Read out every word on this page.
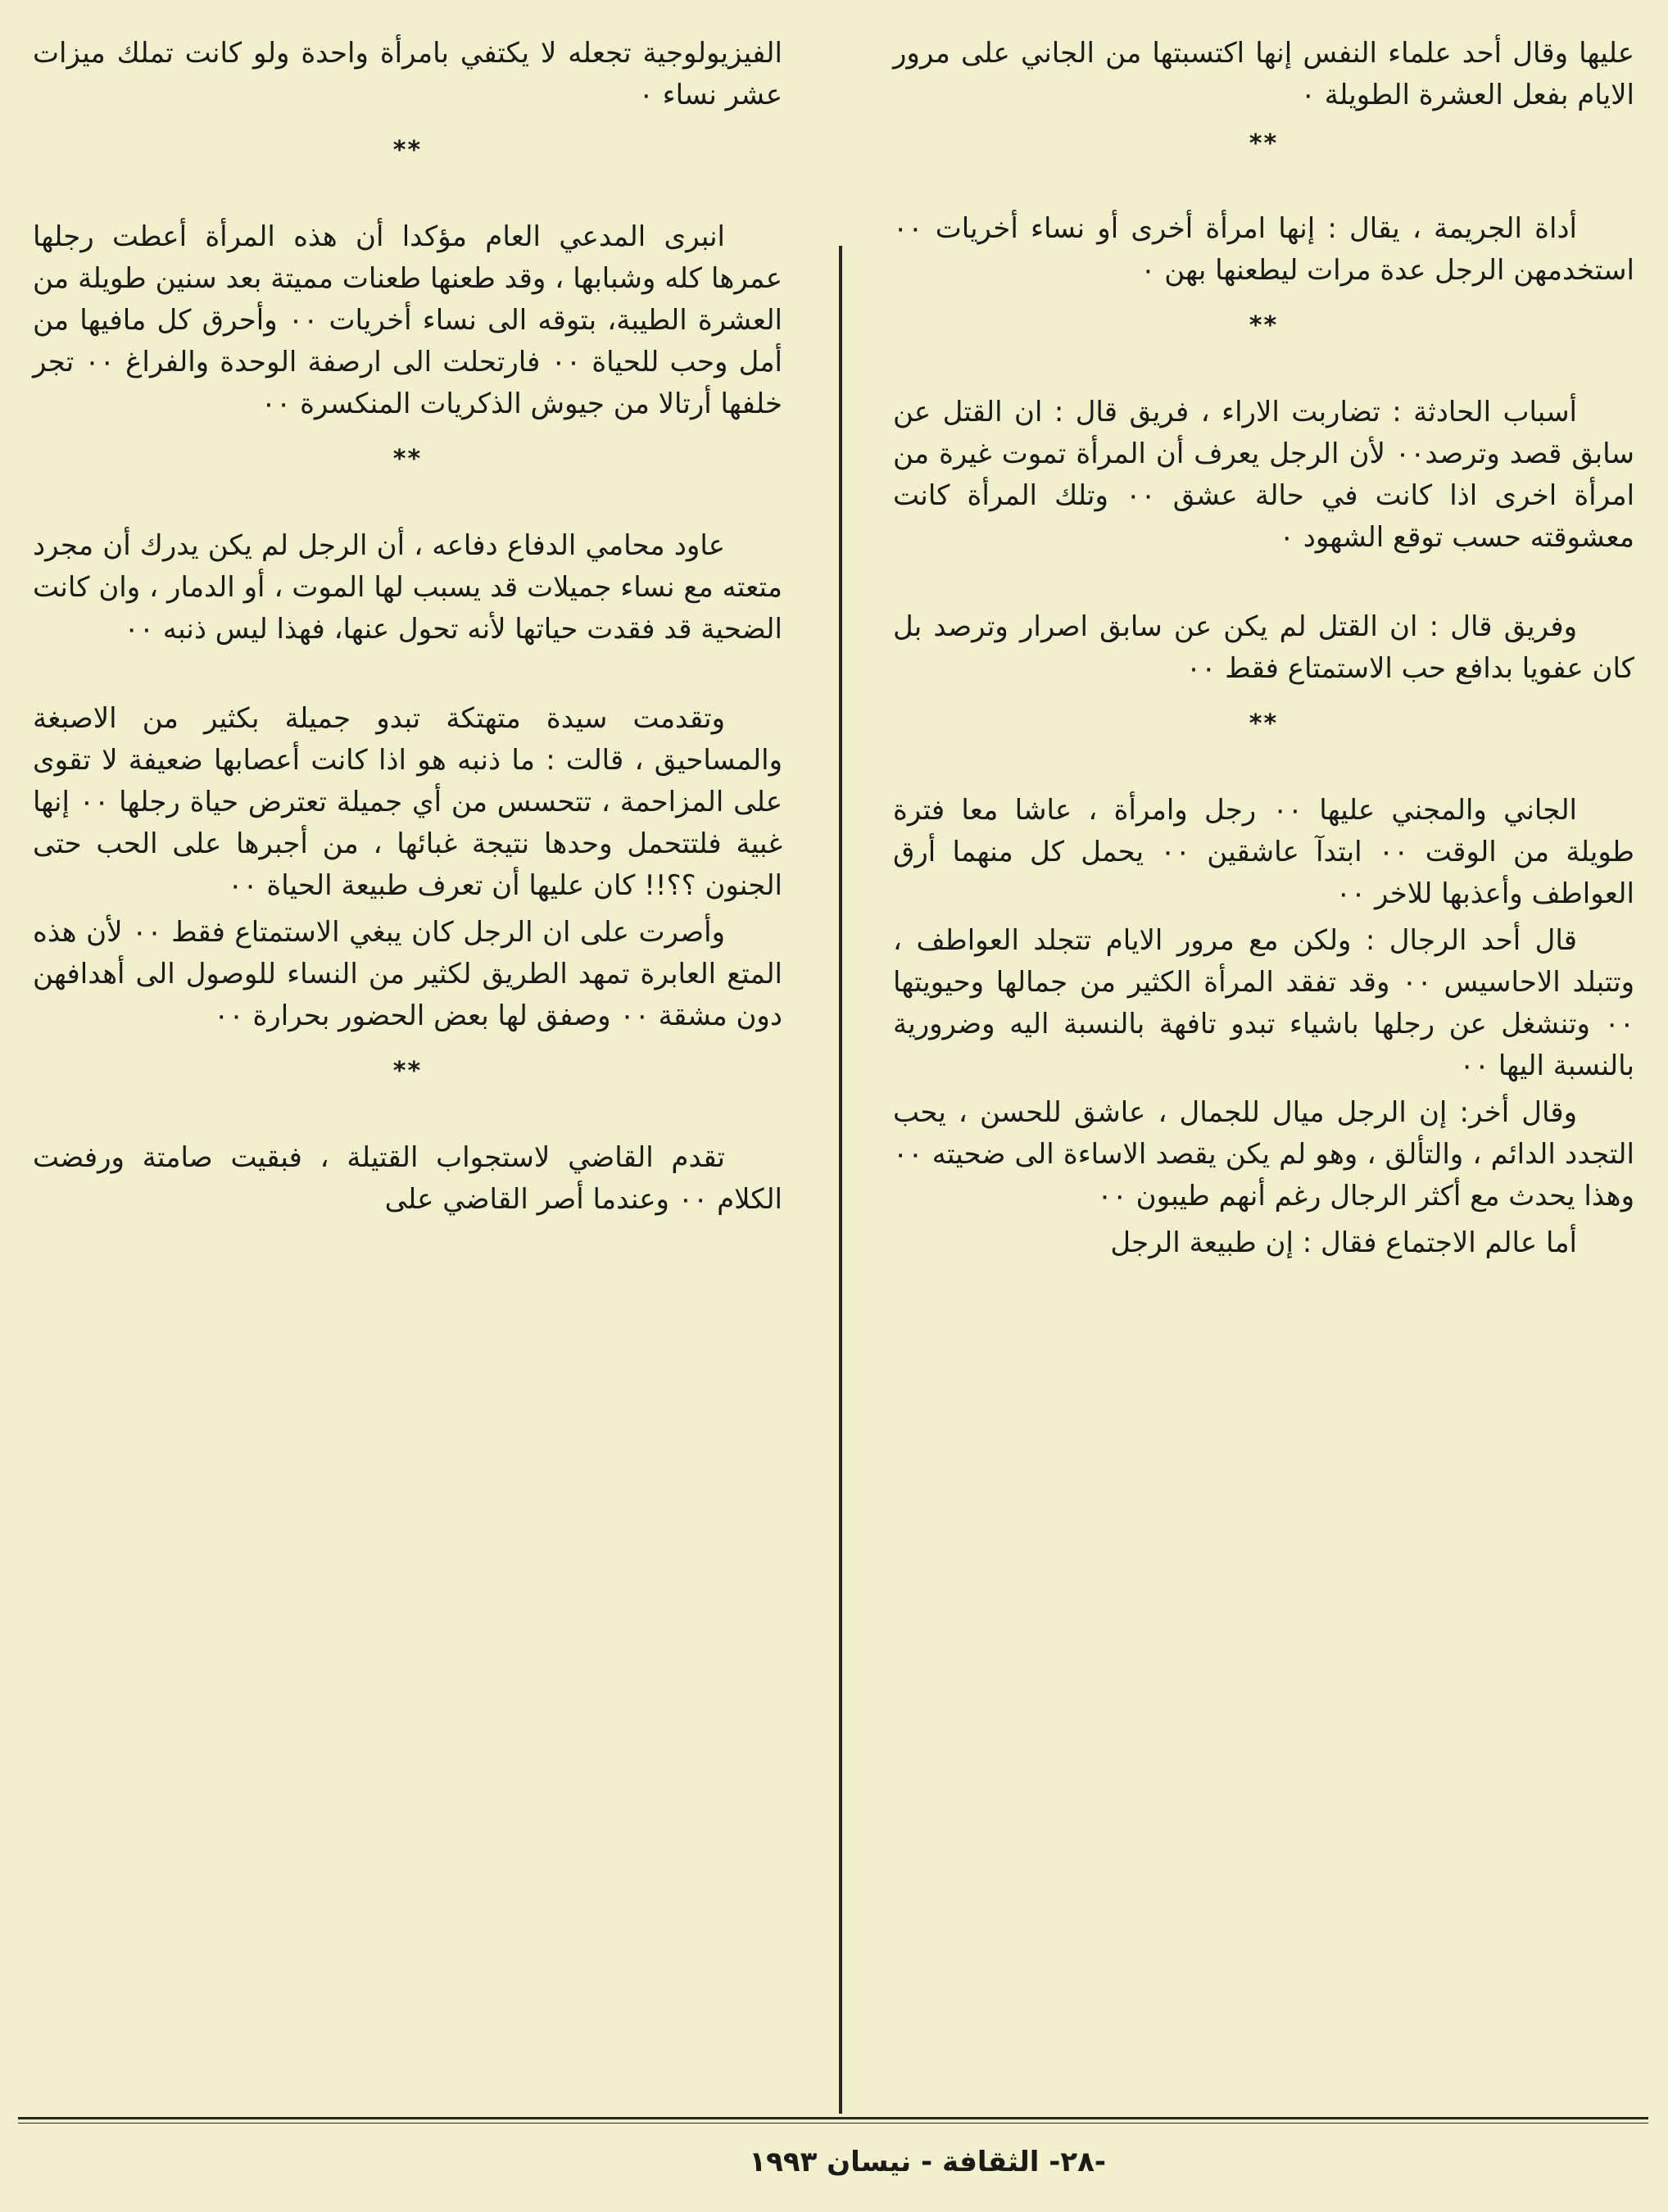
عليها وقال أحد علماء النفس إنها اكتسبتها من الجاني على مرور الايام بفعل العشرة الطويلة ٠

**

أداة الجريمة ، يقال : إنها امرأة أخرى أو نساء أخريات ٠٠ استخدمهن الرجل عدة مرات ليطعنها بهن ٠

**

أسباب الحادثة : تضاربت الاراء ، فريق قال : ان القتل عن سابق قصد وترصد٠٠ لأن الرجل يعرف أن المرأة تموت غيرة من امرأة اخرى اذا كانت في حالة عشق ٠٠ وتلك المرأة كانت معشوقته حسب توقع الشهود ٠

وفريق قال : ان القتل لم يكن عن سابق اصرار وترصد بل كان عفويا بدافع حب الاستمتاع فقط ٠٠

**

الجاني والمجني عليها ٠٠ رجل وامرأة ، عاشا معا فترة طويلة من الوقت ٠٠ ابتدآ عاشقين ٠٠ يحمل كل منهما أرق العواطف وأعذبها للاخر ٠٠

قال أحد الرجال : ولكن مع مرور الايام تتجلد العواطف ، وتتبلد الاحاسيس ٠٠ وقد تفقد المرأة الكثير من جمالها وحيويتها ٠٠ وتنشغل عن رجلها باشياء تبدو تافهة بالنسبة اليه وضرورية بالنسبة اليها ٠٠

وقال أخر: إن الرجل ميال للجمال ، عاشق للحسن ، يحب التجدد الدائم ، والتألق ، وهو لم يكن يقصد الاساءة الى ضحيته ٠٠ وهذا يحدث مع أكثر الرجال رغم أنهم طيبون ٠٠

أما عالم الاجتماع فقال : إن طبيعة الرجل

الفيزيولوجية تجعله لا يكتفي بامرأة واحدة ولو كانت تملك ميزات عشر نساء ٠

**

انبرى المدعي العام مؤكدا أن هذه المرأة أعطت رجلها عمرها كله وشبابها ، وقد طعنها طعنات مميتة بعد سنين طويلة من العشرة الطيبة، بتوقه الى نساء أخريات ٠٠ وأحرق كل مافيها من أمل وحب للحياة ٠٠ فارتحلت الى ارصفة الوحدة والفراغ ٠٠ تجر خلفها أرتالا من جيوش الذكريات المنكسرة ٠٠

**

عاود محامي الدفاع دفاعه ، أن الرجل لم يكن يدرك أن مجرد متعته مع نساء جميلات قد يسبب لها الموت ، أو الدمار ، وان كانت الضحية قد فقدت حياتها لأنه تحول عنها، فهذا ليس ذنبه ٠٠

وتقدمت سيدة متهتكة تبدو جميلة بكثير من الاصبغة والمساحيق ، قالت : ما ذنبه هو اذا كانت أعصابها ضعيفة لا تقوى على المزاحمة ، تتحسس من أي جميلة تعترض حياة رجلها ٠٠ إنها غبية فلتتحمل وحدها نتيجة غبائها ، من أجبرها على الحب حتى الجنون ؟؟!! كان عليها أن تعرف طبيعة الحياة ٠٠

وأصرت على ان الرجل كان يبغي الاستمتاع فقط ٠٠ لأن هذه المتع العابرة تمهد الطريق لكثير من النساء للوصول الى أهدافهن دون مشقة ٠٠ وصفق لها بعض الحضور بحرارة ٠٠

**

تقدم القاضي لاستجواب القتيلة ، فبقيت صامتة ورفضت الكلام ٠٠ وعندما أصر القاضي على

-٢٨- الثقافة - نيسان ١٩٩٣
